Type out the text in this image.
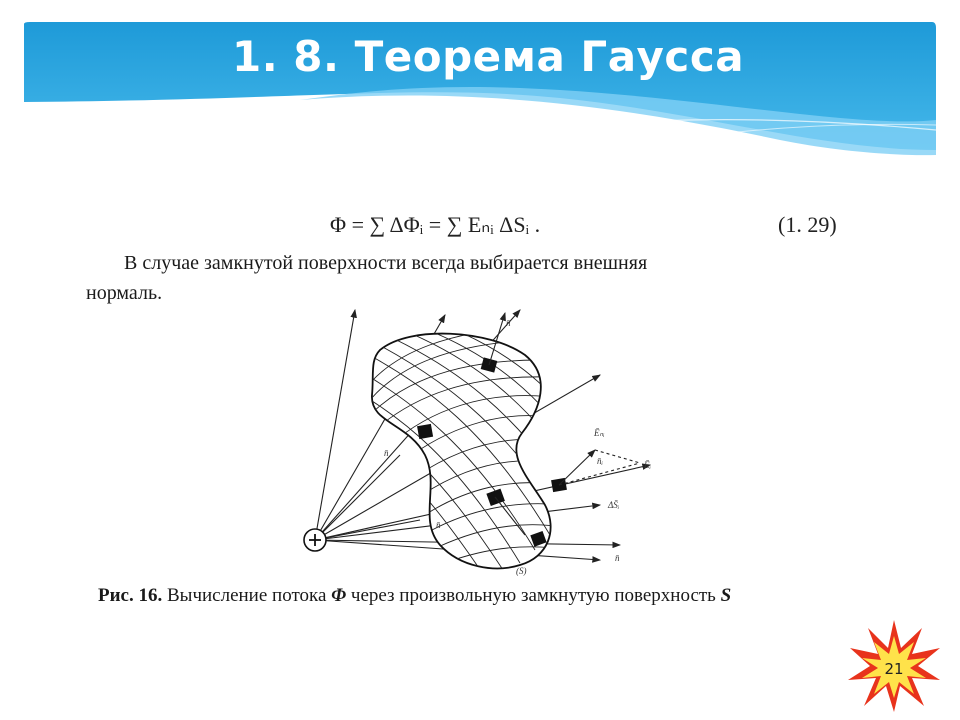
1. 8. Теорема Гаусса
Φ = ∑ ΔΦᵢ = ∑ Eₙᵢ ΔSᵢ .	(1. 29)
В случае замкнутой поверхности всегда выбирается внешняя
нормаль.
n̄
n̄
n̄
n̄ᵢ	Ēᵢ
Ēₙᵢ
ΔS̄ᵢ
(S)
n̄
Рис. 16. Вычисление потока Φ через произвольную замкнутую поверхность S
21
